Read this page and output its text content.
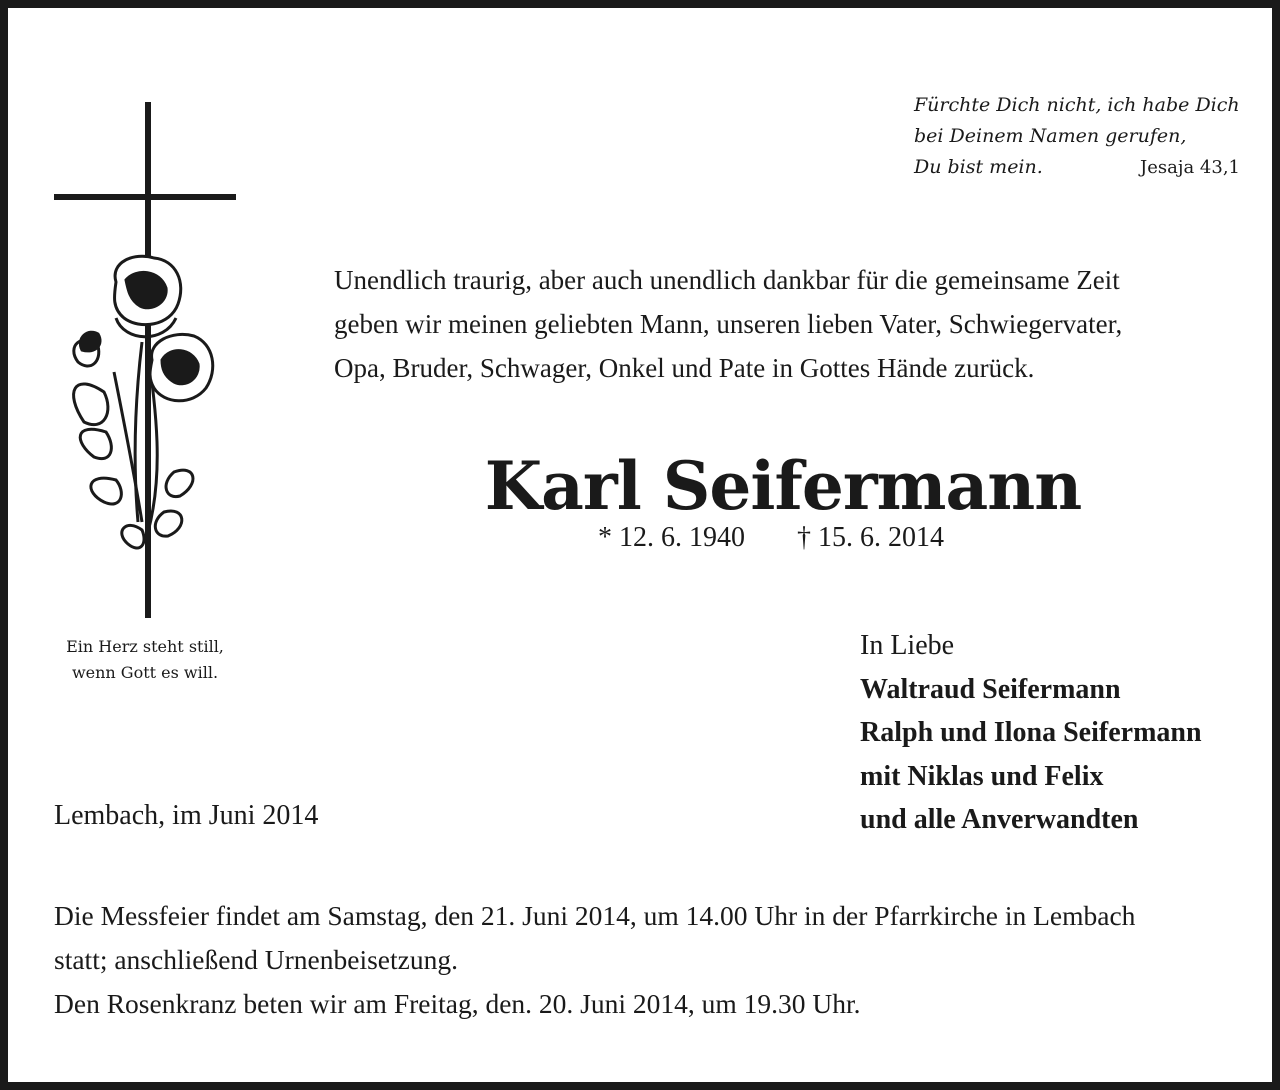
Ein Herz steht still,
wenn Gott es will.
Fürchte Dich nicht, ich habe Dich
bei Deinem Namen gerufen,
Du bist mein.	Jesaja 43,1
Unendlich traurig, aber auch unendlich dankbar für die gemeinsame Zeit
geben wir meinen geliebten Mann, unseren lieben Vater, Schwiegervater,
Opa, Bruder, Schwager, Onkel und Pate in Gottes Hände zurück.
Karl Seifermann
* 12. 6. 1940 † 15. 6. 2014
In Liebe
Waltraud Seifermann
Ralph und Ilona Seifermann
mit Niklas und Felix
und alle Anverwandten
Lembach, im Juni 2014
Die Messfeier findet am Samstag, den 21. Juni 2014, um 14.00 Uhr in der Pfarrkirche in Lembach
statt; anschließend Urnenbeisetzung.
Den Rosenkranz beten wir am Freitag, den. 20. Juni 2014, um 19.30 Uhr.
